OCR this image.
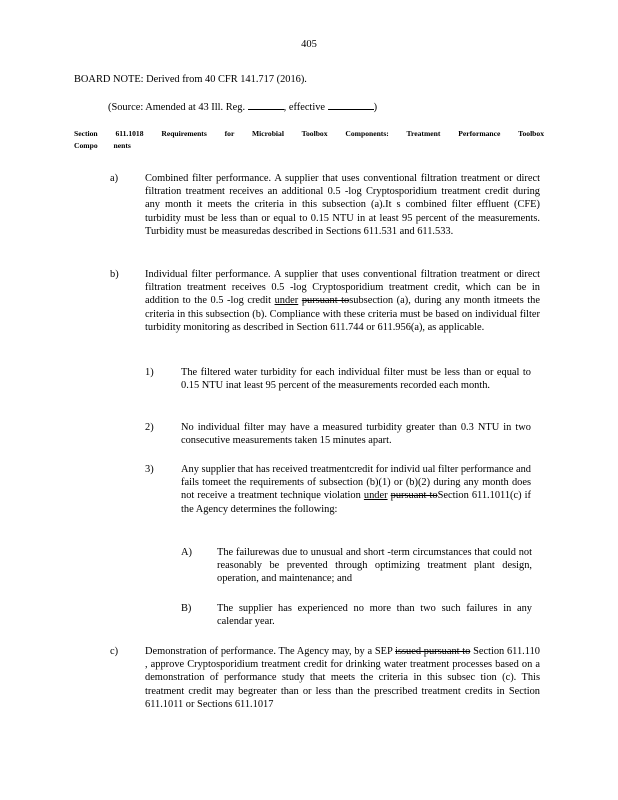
405
BOARD NOTE: Derived from 40 CFR 141.717 (2016).
(Source: Amended at 43 Ill. Reg.	, effective	)
Section 611.1018 Requirements for Microbial Toolbox Components: Treatment Performance Toolbox Compo nents
a)	Combined filter performance. A supplier that uses conventional filtration treatment or direct filtration treatment receives an additional 0.5 -log Cryptosporidium treatment credit during any month it meets the criteria in this subsection (a).It s combined filter effluent (CFE) turbidity must be less than or equal to 0.15 NTU in at least 95 percent of the measurements. Turbidity must be measuredas described in Sections 611.531 and 611.533.
b)	Individual filter performance. A supplier that uses conventional filtration treatment or direct filtration treatment receives 0.5 -log Cryptosporidium treatment credit, which can be in addition to the 0.5 -log credit under pursuant tosubsection (a), during any month itmeets the criteria in this subsection (b). Compliance with these criteria must be based on individual filter turbidity monitoring as described in Section 611.744 or 611.956(a), as applicable.
1)	The filtered water turbidity for each individual filter must be less than or equal to 0.15 NTU inat least 95 percent of the measurements recorded each month.
2)	No individual filter may have a measured turbidity greater than 0.3 NTU in two consecutive measurements taken 15 minutes apart.
3)	Any supplier that has received treatmentcredit for individ ual filter performance and fails tomeet the requirements of subsection (b)(1) or (b)(2) during any month does not receive a treatment technique violation under pursuant toSection 611.1011(c) if the Agency determines the following:
A) The failurewas due to unusual and short -term circumstances that could not reasonably be prevented through optimizing treatment plant design, operation, and maintenance; and
B) The supplier has experienced no more than two such failures in any calendar year.
c)	Demonstration of performance. The Agency may, by a SEP issued pursuant to Section 611.110 , approve Cryptosporidium treatment credit for drinking water treatment processes based on a demonstration of performance study that meets the criteria in this subsec tion (c). This treatment credit may begreater than or less than the prescribed treatment credits in Section 611.1011 or Sections 611.1017
